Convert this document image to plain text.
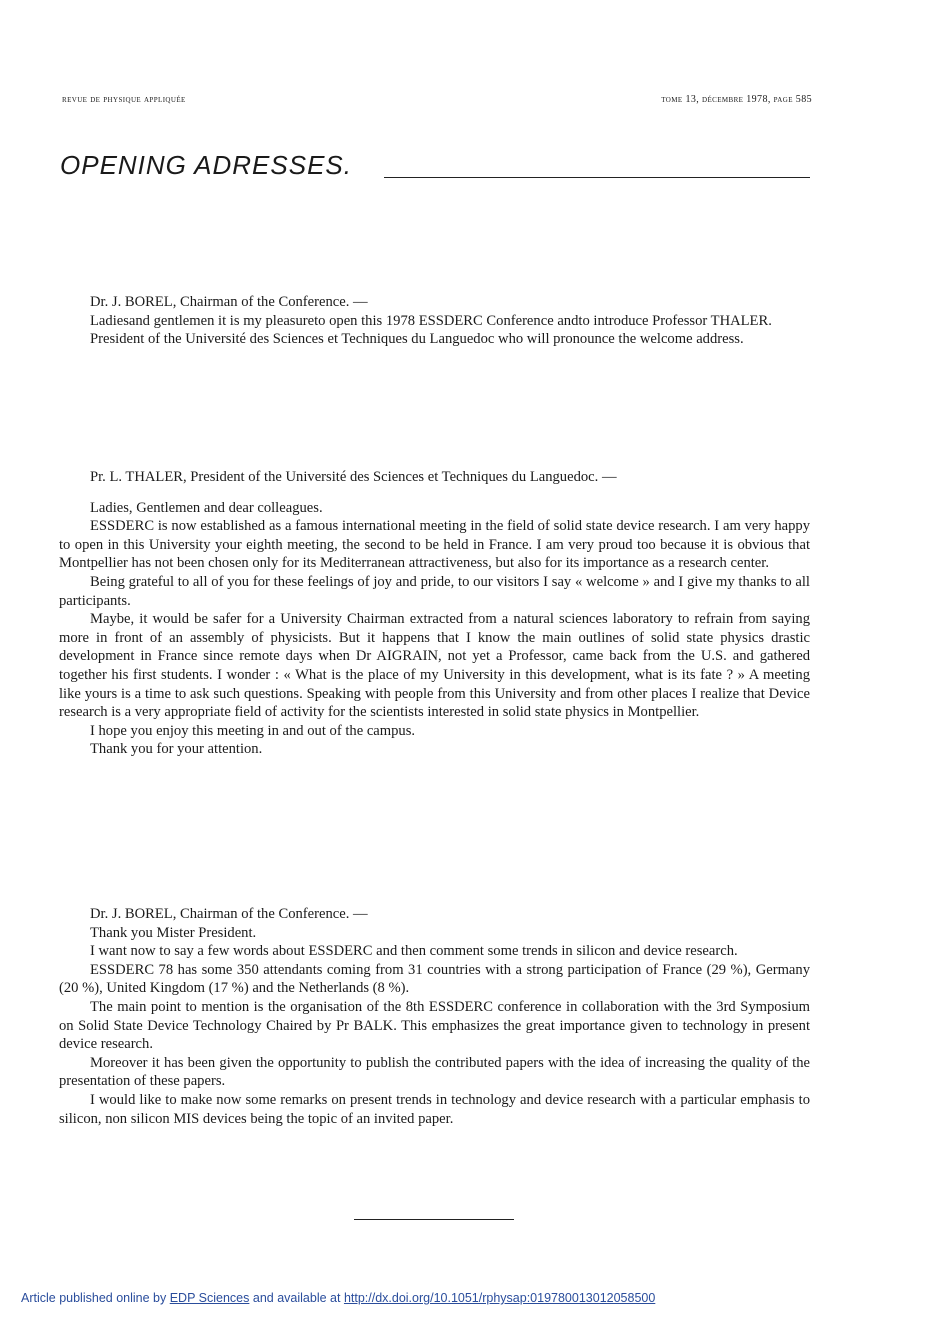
revue de physique appliquée	tome 13, décembre 1978, page 585
OPENING ADRESSES.

Dr. J. BOREL, Chairman of the Conference. —

Ladiesand gentlemen it is my pleasureto open this 1978 ESSDERC Conference andto introduce Professor THALER.

President of the Université des Sciences et Techniques du Languedoc who will pronounce the welcome address.

Pr. L. THALER, President of the Université des Sciences et Techniques du Languedoc. —

Ladies, Gentlemen and dear colleagues.

ESSDERC is now established as a famous international meeting in the field of solid state device research. I am very happy to open in this University your eighth meeting, the second to be held in France. I am very proud too because it is obvious that Montpellier has not been chosen only for its Mediterranean attractiveness, but also for its importance as a research center.

Being grateful to all of you for these feelings of joy and pride, to our visitors I say « welcome » and I give my thanks to all participants.

Maybe, it would be safer for a University Chairman extracted from a natural sciences laboratory to refrain from saying more in front of an assembly of physicists. But it happens that I know the main outlines of solid state physics drastic development in France since remote days when Dr AIGRAIN, not yet a Professor, came back from the U.S. and gathered together his first students. I wonder : « What is the place of my University in this development, what is its fate ? » A meeting like yours is a time to ask such questions. Speaking with people from this University and from other places I realize that Device research is a very appropriate field of activity for the scientists interested in solid state physics in Montpellier.

I hope you enjoy this meeting in and out of the campus.

Thank you for your attention.

Dr. J. BOREL, Chairman of the Conference. —

Thank you Mister President.

I want now to say a few words about ESSDERC and then comment some trends in silicon and device research.

ESSDERC 78 has some 350 attendants coming from 31 countries with a strong participation of France (29 %), Germany (20 %), United Kingdom (17 %) and the Netherlands (8 %).

The main point to mention is the organisation of the 8th ESSDERC conference in collaboration with the 3rd Symposium on Solid State Device Technology Chaired by Pr BALK. This emphasizes the great importance given to technology in present device research.

Moreover it has been given the opportunity to publish the contributed papers with the idea of increasing the quality of the presentation of these papers.

I would like to make now some remarks on present trends in technology and device research with a particular emphasis to silicon, non silicon MIS devices being the topic of an invited paper.

Article published online by EDP Sciences and available at http://dx.doi.org/10.1051/rphysap:019780013012058500
